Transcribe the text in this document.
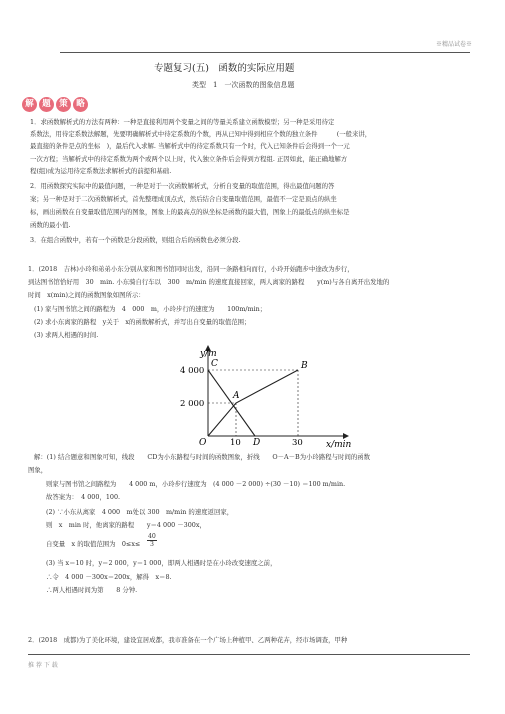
※精品试卷※
专题复习(五)　函数的实际应用题
类型　1　一次函数的图象信息题
解 题 策 略
1．求函数解析式的方法有两种：一种是直接利用两个变量之间的等量关系建立函数模型；另一种是采用待定
系数法，用待定系数法解题，先要明确解析式中待定系数的个数，再从已知中得到相应个数的独立条件　　　(一般来讲，
最直接的条件是点的坐标　)，最后代入求解. 当解析式中的待定系数只有一个时，代入已知条件后会得到一个一元
一次方程；当解析式中的待定系数为两个或两个以上时，代入独立条件后会得到方程组. 正因如此，能正确地解方
程(组)成为运用待定系数法求解析式的前提和基础.
2．用函数探究实际中的最值问题，一种是对于一次函数解析式，分析自变量的取值范围，得出最值问题的答
案；另一种是对于二次函数解析式，首先整理成顶点式，然后结合自变量取值范围，最值不一定是顶点的纵坐
标，画出函数在自变量取值范围内的图象，图象上的最高点的纵坐标是函数的最大值，图象上的最低点的纵坐标是
函数的最小值.
3．在组合函数中，若有一个函数是分段函数，则组合后的函数也必须分段.
1．(2018　吉林)小玲和弟弟小东分别从家和图书馆同时出发，沿同一条路相向而行，小玲开始跑步中途改为步行，
到达图书馆恰好用　30　min. 小东骑自行车以　300　m/min 的速度直接回家，两人离家的路程　　y(m)与各自离开出发地的
时间　x(min)之间的函数图象如图所示：
(1) 家与图书馆之间的路程为　4　000　m，小玲步行的速度为　　100m/min；
(2) 求小东离家的路程　y关于　x的函数解析式，并写出自变量的取值范围；
(3) 求两人相遇的时间.
y/m
x/min
O
4 000
2 000
10	30
C
A
B
D
解：(1) 结合题意和图象可知，线段　　CD为小东路程与时间的函数图象，折线　　O－A－B为小玲路程与时间的函数
图象，
则家与图书馆之间路程为　　4 000 m，小玲步行速度为　(4 000 －2 000) ÷(30 －10) ＝100 m/min.
故答案为：　4 000，100.
(2) ∵小东从离家　4 000　m处以 300　m/min 的速度返回家，
则　x　min 时，他离家的路程　　y＝4 000 －300x，
自变量　x 的取值范围为　$0\le x\le \frac{40}{3}$
(3) 当 x＝10 时，y＝2 000，y＝1 000，即两人相遇时是在小玲改变速度之前，
∴令　4 000 －300x＝200x，解得　x＝8.
∴两人相遇时间为第　　8 分钟.
2．(2018　成都)为了美化环境，建设宜居成都，我市准备在一个广场上种植甲、乙两种花卉，经市场调查，甲种
推 荐 下 载
